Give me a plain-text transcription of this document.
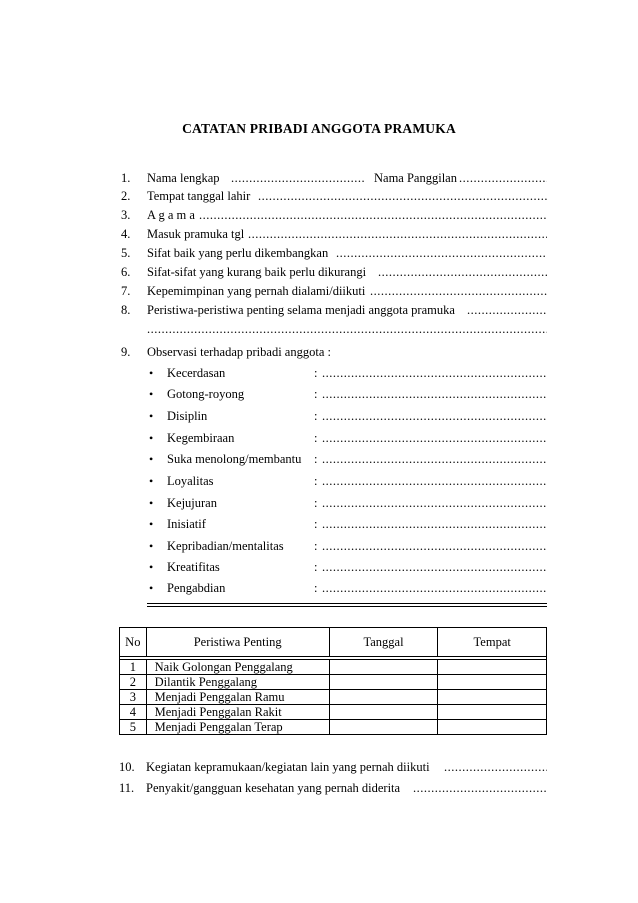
CATATAN PRIBADI ANGGOTA PRAMUKA
1. Nama lengkap .....	Nama Panggilan
.....
2. Tempat tanggal lahir
.....
3. A g a m a
.....
4. Masuk pramuka tgl
.....
5. Sifat baik yang perlu dikembangkan
.....
6. Sifat-sifat yang kurang baik perlu dikurangi
.....
7. Kepemimpinan yang pernah dialami/diikuti
.....
8. Peristiwa-peristiwa penting selama menjadi anggota pramuka
.....
.....
9. Observasi terhadap pribadi anggota :
• Kecerdasan	:
.....
• Gotong-royong	:
.....
• Disiplin	:
.....
• Kegembiraan	:
.....
• Suka menolong/membantu :
.....
• Loyalitas	:
.....
• Kejujuran	:
.....
• Inisiatif	:
.....
• Kepribadian/mentalitas :
.....
• Kreatifitas	:
.....
• Pengabdian	:
.....
No	Peristiwa Penting	Tanggal	Tempat

1	Naik Golongan Penggalang		
2	Dilantik Penggalang		
3	Menjadi Penggalan Ramu		
4	Menjadi Penggalan Rakit		
5	Menjadi Penggalan Terap		
10. Kegiatan kepramukaan/kegiatan lain yang pernah diikuti
.....
11. Penyakit/gangguan kesehatan yang pernah diderita
.....
